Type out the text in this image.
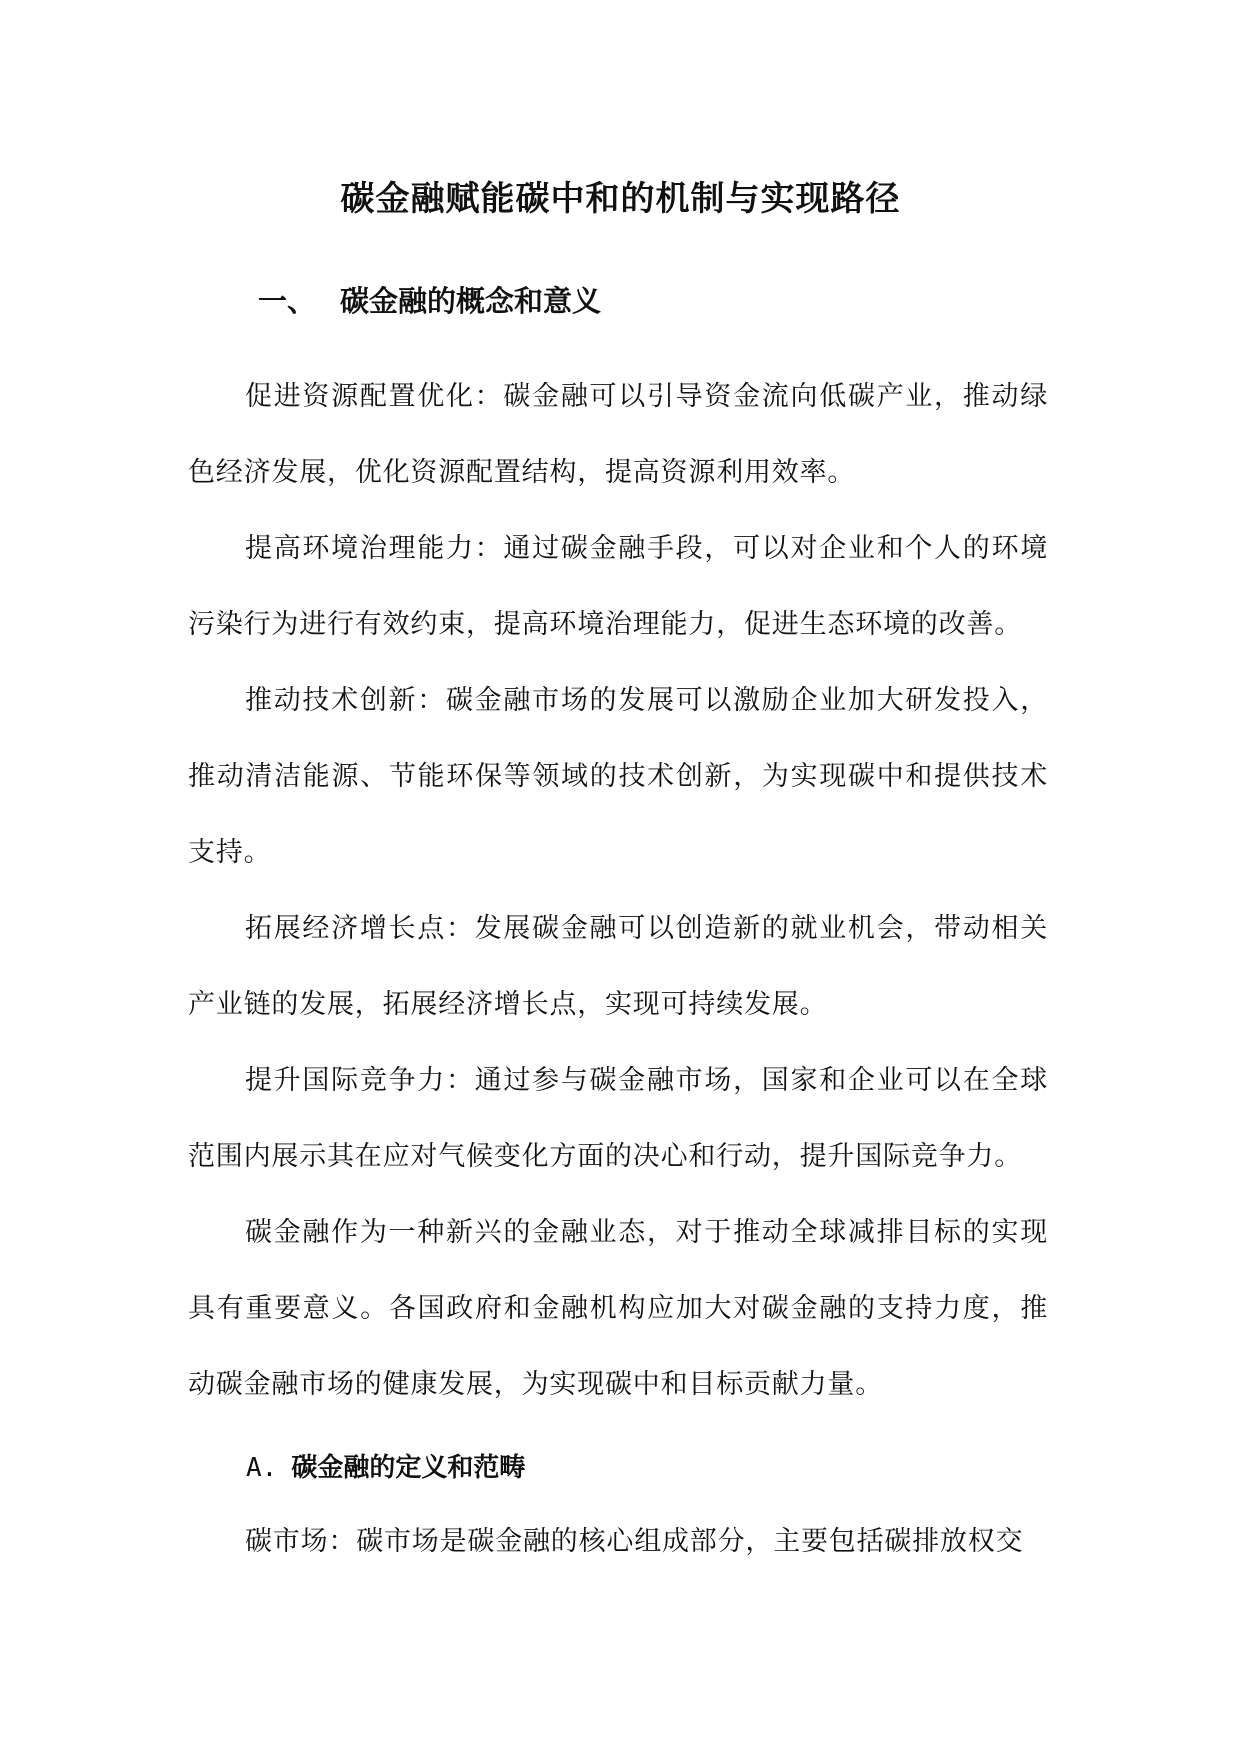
碳金融赋能碳中和的机制与实现路径
一、 碳金融的概念和意义

促进资源配置优化：碳金融可以引导资金流向低碳产业，推动绿色经济发展，优化资源配置结构，提高资源利用效率。

提高环境治理能力：通过碳金融手段，可以对企业和个人的环境污染行为进行有效约束，提高环境治理能力，促进生态环境的改善。

推动技术创新：碳金融市场的发展可以激励企业加大研发投入，推动清洁能源、节能环保等领域的技术创新，为实现碳中和提供技术支持。

拓展经济增长点：发展碳金融可以创造新的就业机会，带动相关产业链的发展，拓展经济增长点，实现可持续发展。

提升国际竞争力：通过参与碳金融市场，国家和企业可以在全球范围内展示其在应对气候变化方面的决心和行动，提升国际竞争力。

碳金融作为一种新兴的金融业态，对于推动全球减排目标的实现具有重要意义。各国政府和金融机构应加大对碳金融的支持力度，推动碳金融市场的健康发展，为实现碳中和目标贡献力量。

A. 碳金融的定义和范畴

碳市场：碳市场是碳金融的核心组成部分，主要包括碳排放权交
